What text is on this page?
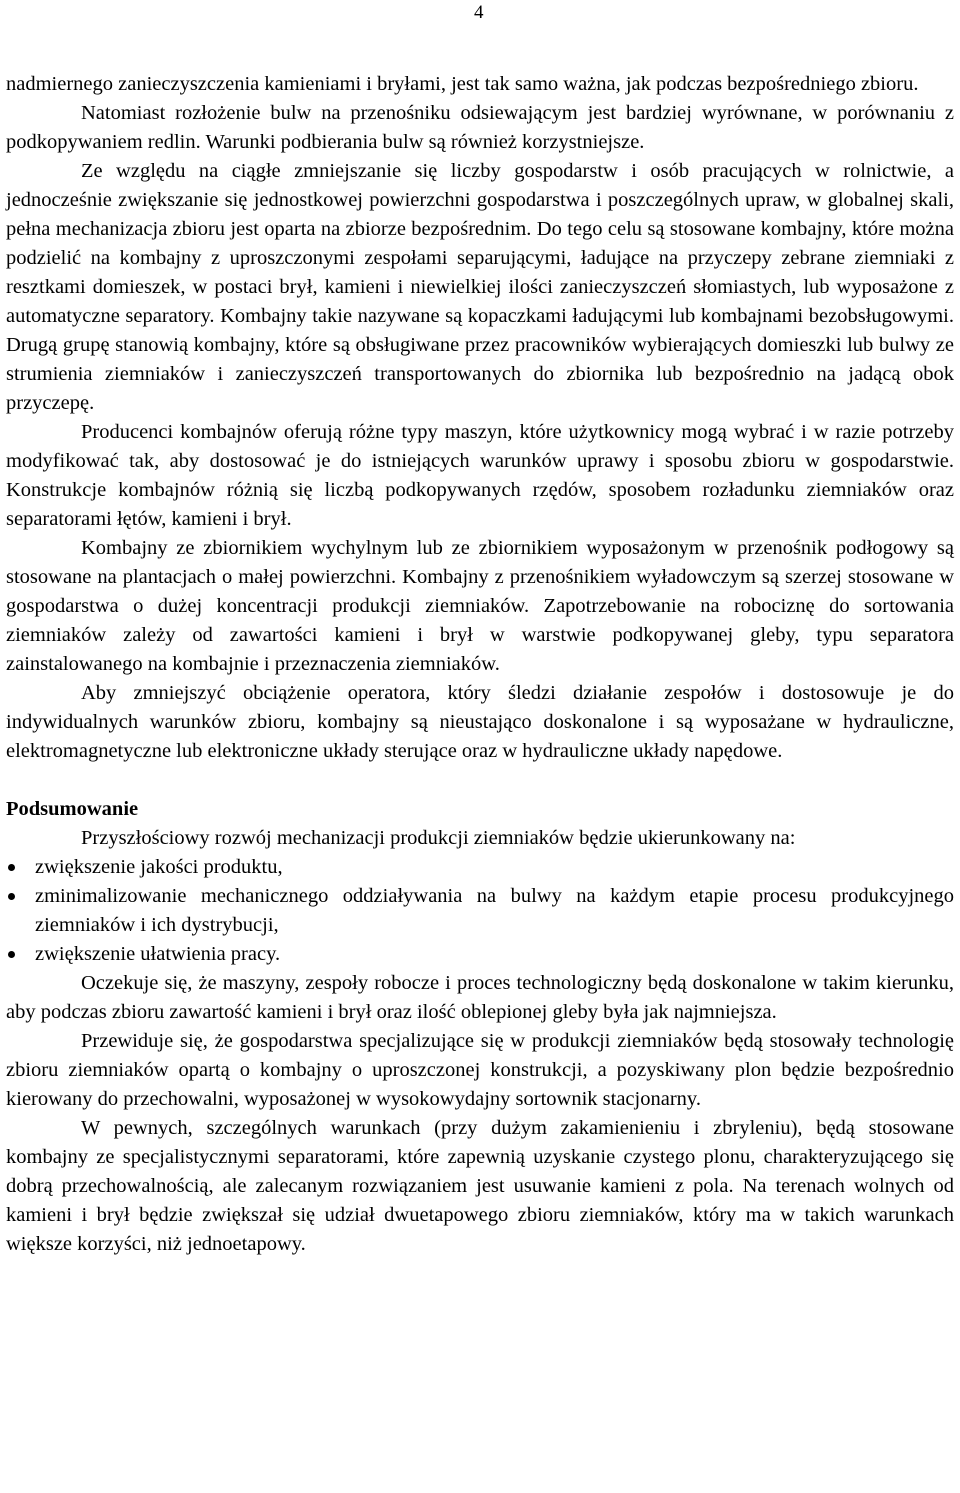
4

nadmiernego zanieczyszczenia kamieniami i bryłami, jest tak samo ważna, jak podczas bezpośredniego zbioru.

Natomiast rozłożenie bulw na przenośniku odsiewającym jest bardziej wyrównane, w porównaniu z podkopywaniem redlin. Warunki podbierania bulw są również korzystniejsze.

Ze względu na ciągłe zmniejszanie się liczby gospodarstw i osób pracujących w rolnictwie, a jednocześnie zwiększanie się jednostkowej powierzchni gospodarstwa i poszczególnych upraw, w globalnej skali, pełna mechanizacja zbioru jest oparta na zbiorze bezpośrednim. Do tego celu są stosowane kombajny, które można podzielić na kombajny z uproszczonymi zespołami separującymi, ładujące na przyczepy zebrane ziemniaki z resztkami domieszek, w postaci brył, kamieni i niewielkiej ilości zanieczyszczeń słomiastych, lub wyposażone z automatyczne separatory. Kombajny takie nazywane są kopaczkami ładującymi lub kombajnami bezobsługowymi. Drugą grupę stanowią kombajny, które są obsługiwane przez pracowników wybierających domieszki lub bulwy ze strumienia ziemniaków i zanieczyszczeń transportowanych do zbiornika lub bezpośrednio na jadącą obok przyczepę.

Producenci kombajnów oferują różne typy maszyn, które użytkownicy mogą wybrać i w razie potrzeby modyfikować tak, aby dostosować je do istniejących warunków uprawy i sposobu zbioru w gospodarstwie. Konstrukcje kombajnów różnią się liczbą podkopywanych rzędów, sposobem rozładunku ziemniaków oraz separatorami łętów, kamieni i brył.

Kombajny ze zbiornikiem wychylnym lub ze zbiornikiem wyposażonym w przenośnik podłogowy są stosowane na plantacjach o małej powierzchni. Kombajny z przenośnikiem wyładowczym są szerzej stosowane w gospodarstwa o dużej koncentracji produkcji ziemniaków. Zapotrzebowanie na robociznę do sortowania ziemniaków zależy od zawartości kamieni i brył w warstwie podkopywanej gleby, typu separatora zainstalowanego na kombajnie i przeznaczenia ziemniaków.

Aby zmniejszyć obciążenie operatora, który śledzi działanie zespołów i dostosowuje je do indywidualnych warunków zbioru, kombajny są nieustająco doskonalone i są wyposażane w hydrauliczne, elektromagnetyczne lub elektroniczne układy sterujące oraz w hydrauliczne układy napędowe.

Podsumowanie

Przyszłościowy rozwój mechanizacji produkcji ziemniaków będzie ukierunkowany na:

zwiększenie jakości produktu,
zminimalizowanie mechanicznego oddziaływania na bulwy na każdym etapie procesu produkcyjnego ziemniaków i ich dystrybucji,
zwiększenie ułatwienia pracy.

Oczekuje się, że maszyny, zespoły robocze i proces technologiczny będą doskonalone w takim kierunku, aby podczas zbioru zawartość kamieni i brył oraz ilość oblepionej gleby była jak najmniejsza.

Przewiduje się, że gospodarstwa specjalizujące się w produkcji ziemniaków będą stosowały technologię zbioru ziemniaków opartą o kombajny o uproszczonej konstrukcji, a pozyskiwany plon będzie bezpośrednio kierowany do przechowalni, wyposażonej w wysokowydajny sortownik stacjonarny.

W pewnych, szczególnych warunkach (przy dużym zakamienieniu i zbryleniu), będą stosowane kombajny ze specjalistycznymi separatorami, które zapewnią uzyskanie czystego plonu, charakteryzującego się dobrą przechowalnością, ale zalecanym rozwiązaniem jest usuwanie kamieni z pola. Na terenach wolnych od kamieni i brył będzie zwiększał się udział dwuetapowego zbioru ziemniaków, który ma w takich warunkach większe korzyści, niż jednoetapowy.
